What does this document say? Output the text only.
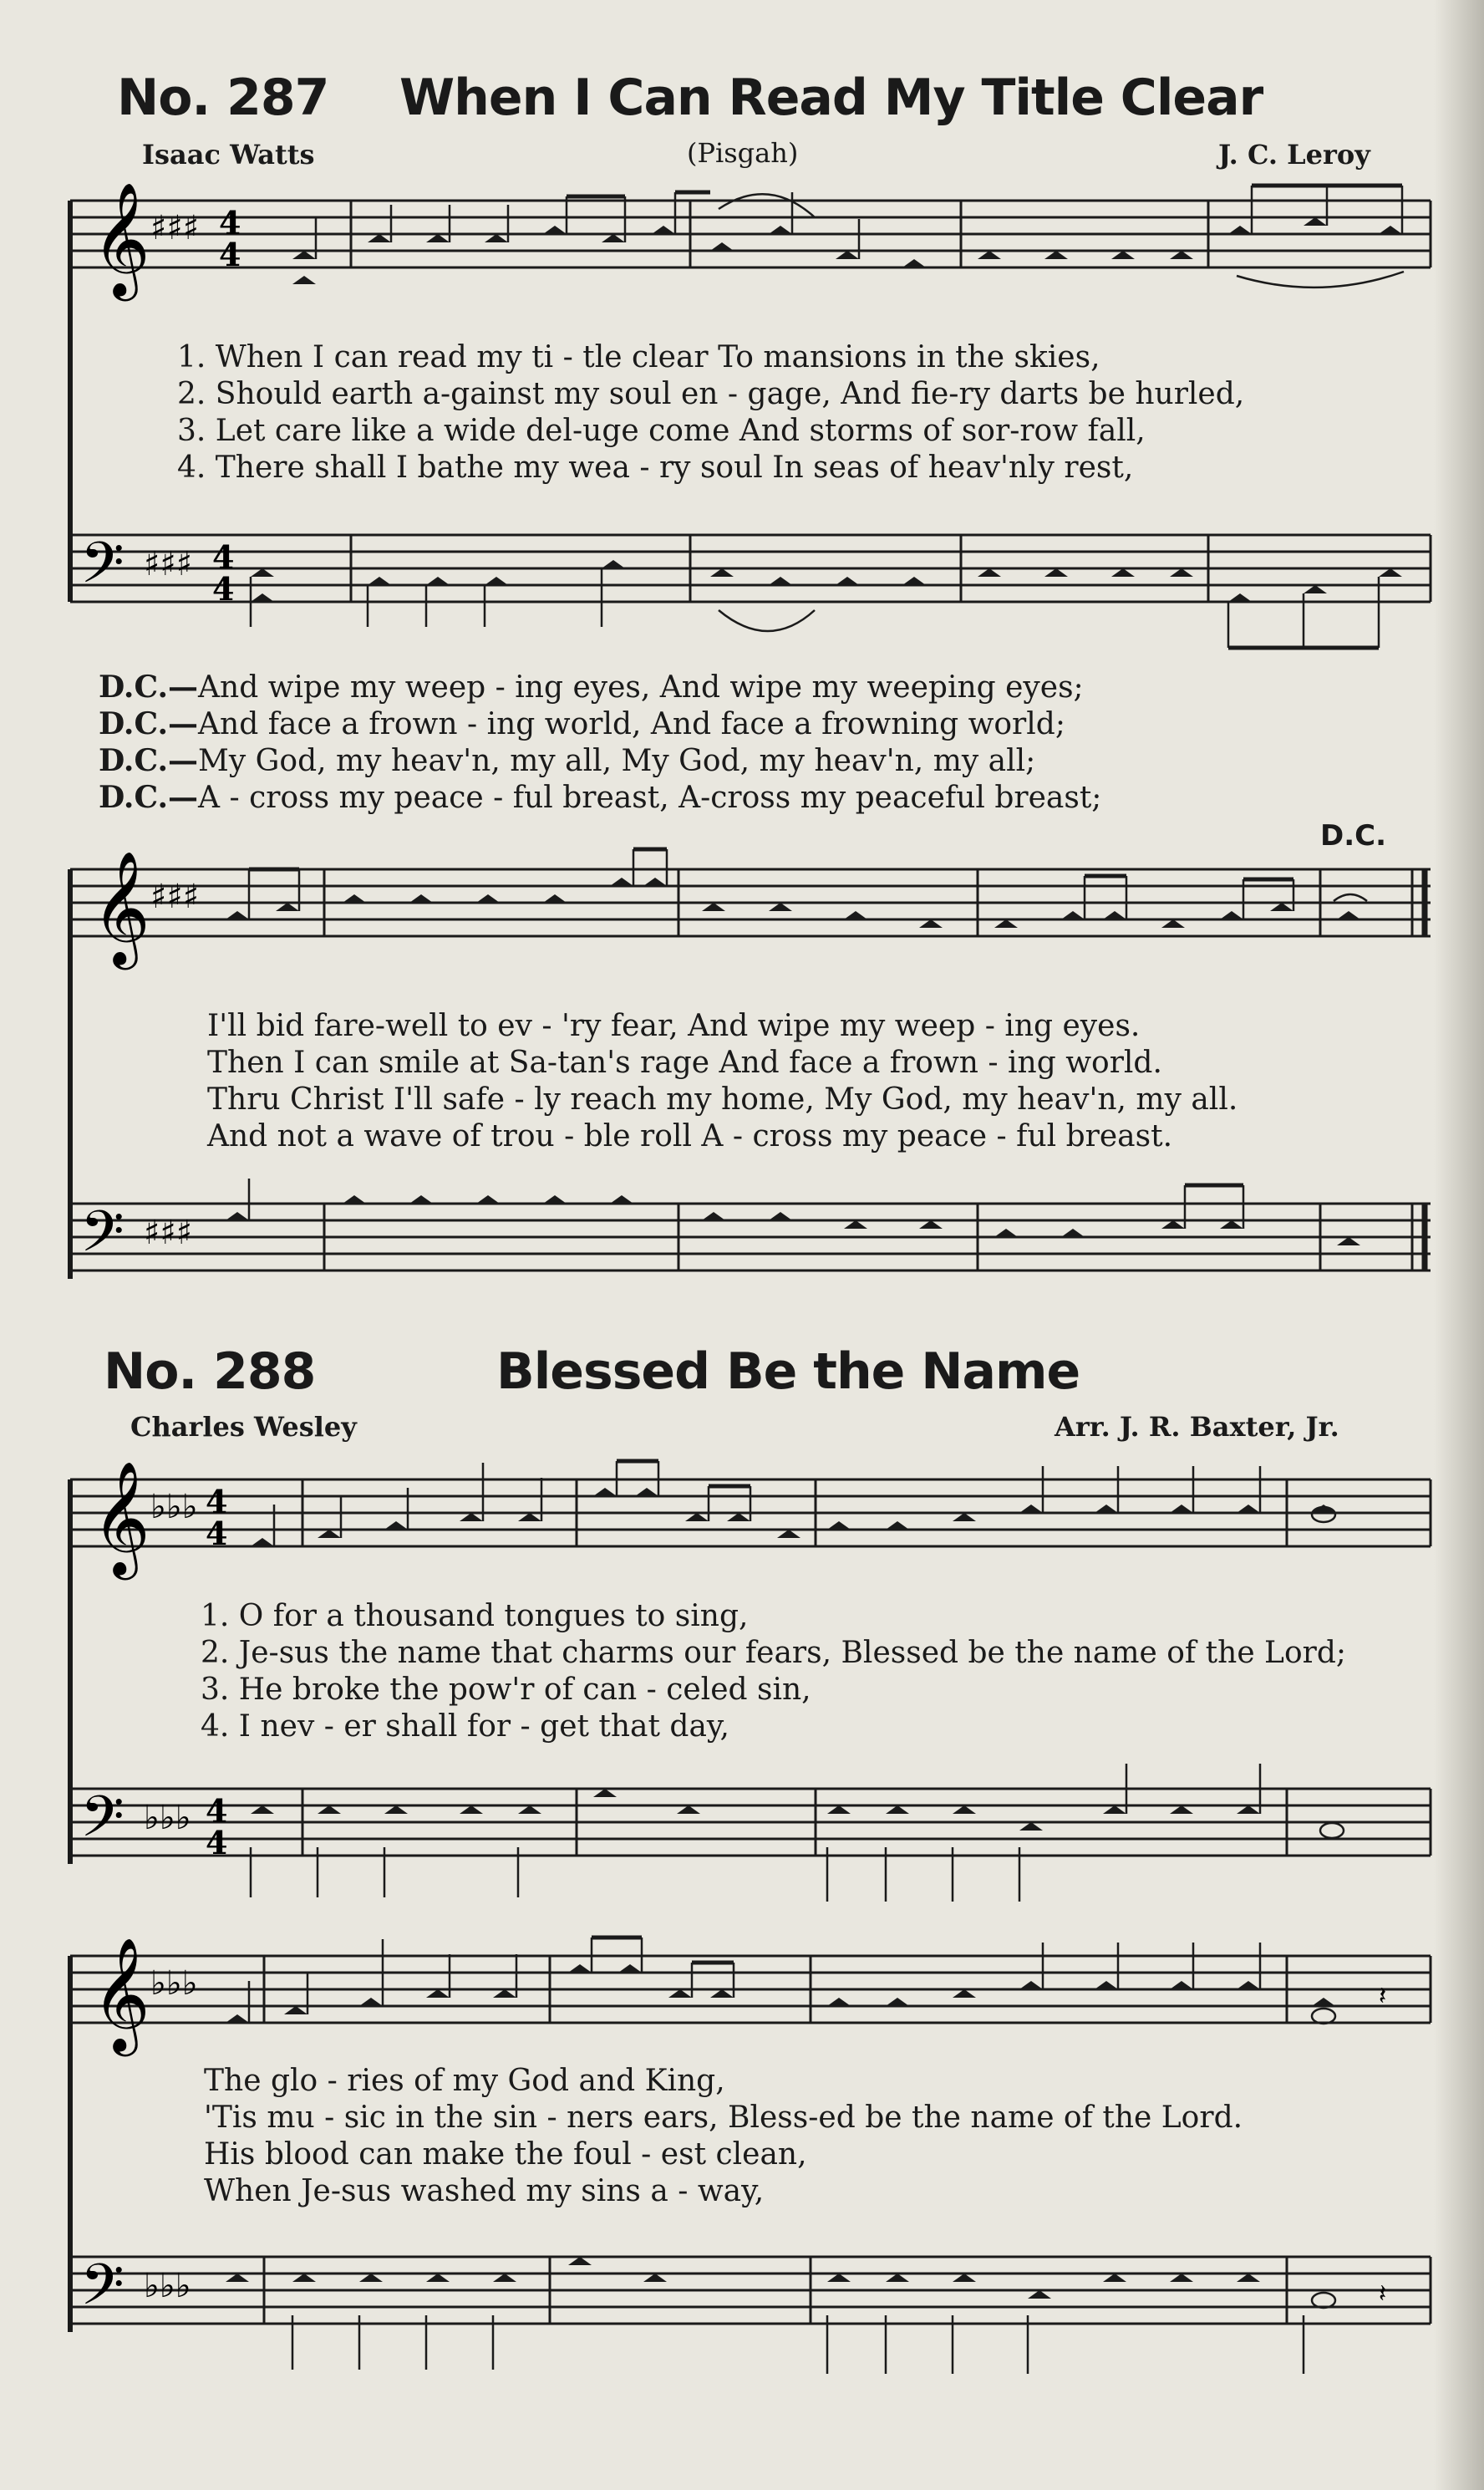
No. 287 When I Can Read My Title Clear
Isaac Watts	(Pisgah)	J. C. Leroy
𝄞 ♯♯♯ 4
4
1. When I can read my ti - tle clear To mansions in the skies,
2. Should earth a-gainst my soul en - gage, And fie-ry darts be hurled,
3. Let care like a wide del-uge come And storms of sor-row fall,
4. There shall I bathe my wea - ry soul In seas of heav'nly rest,
𝄢 ♯♯♯ 4
4
D.C.—And wipe my weep - ing eyes, And wipe my weeping eyes;
D.C.—And face a frown - ing world, And face a frowning world;
D.C.—My God, my heav'n, my all, My God, my heav'n, my all;
D.C.—A - cross my peace - ful breast, A-cross my peaceful breast;
D.C.
𝄞 ♯♯♯
I'll bid fare-well to ev - 'ry fear, And wipe my weep - ing eyes.
Then I can smile at Sa-tan's rage And face a frown - ing world.
Thru Christ I'll safe - ly reach my home, My God, my heav'n, my all.
And not a wave of trou - ble roll A - cross my peace - ful breast.
𝄢 ♯♯♯
No. 288	Blessed Be the Name
Charles Wesley	Arr. J. R. Baxter, Jr.
𝄞 ♭♭♭ 4
4
1. O for a thousand tongues to sing,
2. Je-sus the name that charms our fears, Blessed be the name of the Lord;
3. He broke the pow'r of can - celed sin,
4. I nev - er shall for - get that day,
𝄢 ♭♭♭ 4
4
𝄞 ♭♭♭	𝄽
The glo - ries of my God and King,
'Tis mu - sic in the sin - ners ears, Bless-ed be the name of the Lord.
His blood can make the foul - est clean,
When Je-sus washed my sins a - way,
𝄢 ♭♭♭	𝄽
